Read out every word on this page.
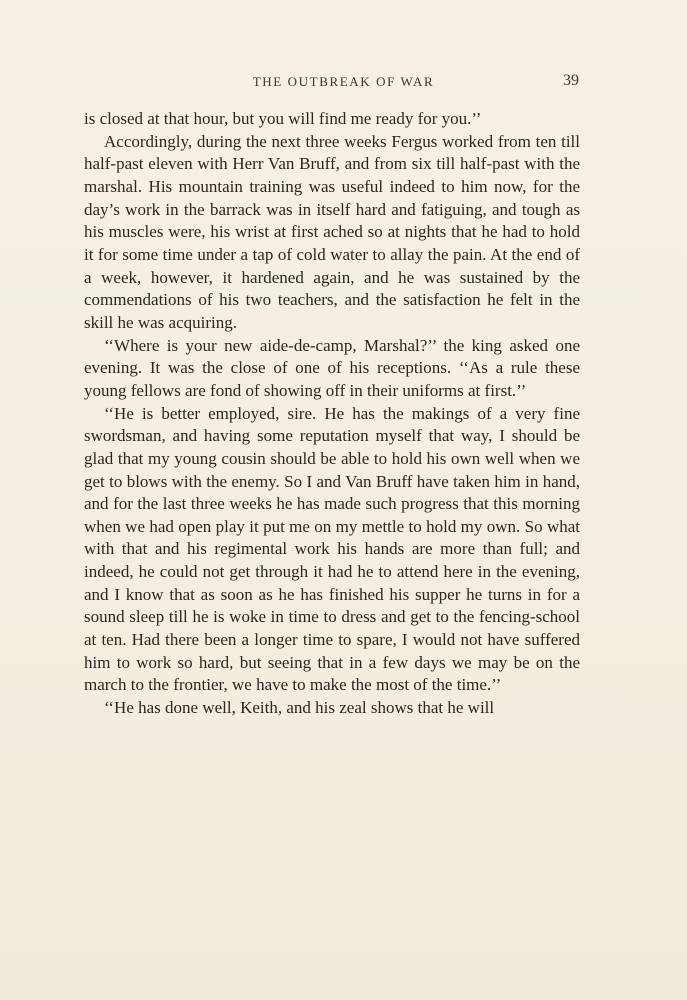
THE OUTBREAK OF WAR	39

is closed at that hour, but you will find me ready for you.’’

Accordingly, during the next three weeks Fergus worked from ten till half-past eleven with Herr Van Bruff, and from six till half-past with the marshal. His mountain training was useful indeed to him now, for the day’s work in the barrack was in itself hard and fatiguing, and tough as his muscles were, his wrist at first ached so at nights that he had to hold it for some time under a tap of cold water to allay the pain. At the end of a week, however, it hardened again, and he was sustained by the commendations of his two teachers, and the satisfaction he felt in the skill he was acquiring.

‘‘Where is your new aide-de-camp, Marshal?’’ the king asked one evening. It was the close of one of his receptions. ‘‘As a rule these young fellows are fond of showing off in their uniforms at first.’’

‘‘He is better employed, sire. He has the makings of a very fine swordsman, and having some reputation myself that way, I should be glad that my young cousin should be able to hold his own well when we get to blows with the enemy. So I and Van Bruff have taken him in hand, and for the last three weeks he has made such progress that this morning when we had open play it put me on my mettle to hold my own. So what with that and his regimental work his hands are more than full; and indeed, he could not get through it had he to attend here in the evening, and I know that as soon as he has finished his supper he turns in for a sound sleep till he is woke in time to dress and get to the fencing-school at ten. Had there been a longer time to spare, I would not have suffered him to work so hard, but seeing that in a few days we may be on the march to the frontier, we have to make the most of the time.’’

‘‘He has done well, Keith, and his zeal shows that he will
